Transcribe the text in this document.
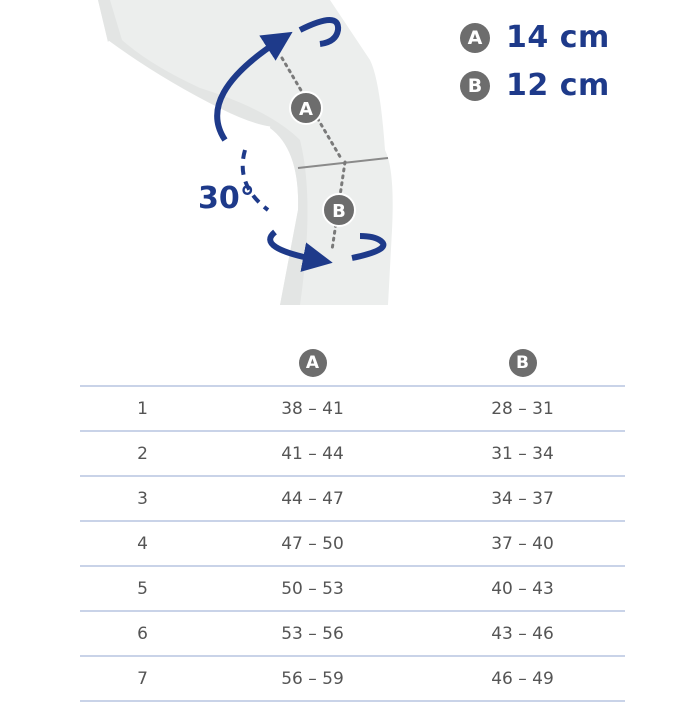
30°
A
B
A 14 cm
B 12 cm
	A	B
1	38 – 41	28 – 31
2	41 – 44	31 – 34
3	44 – 47	34 – 37
4	47 – 50	37 – 40
5	50 – 53	40 – 43
6	53 – 56	43 – 46
7	56 – 59	46 – 49
